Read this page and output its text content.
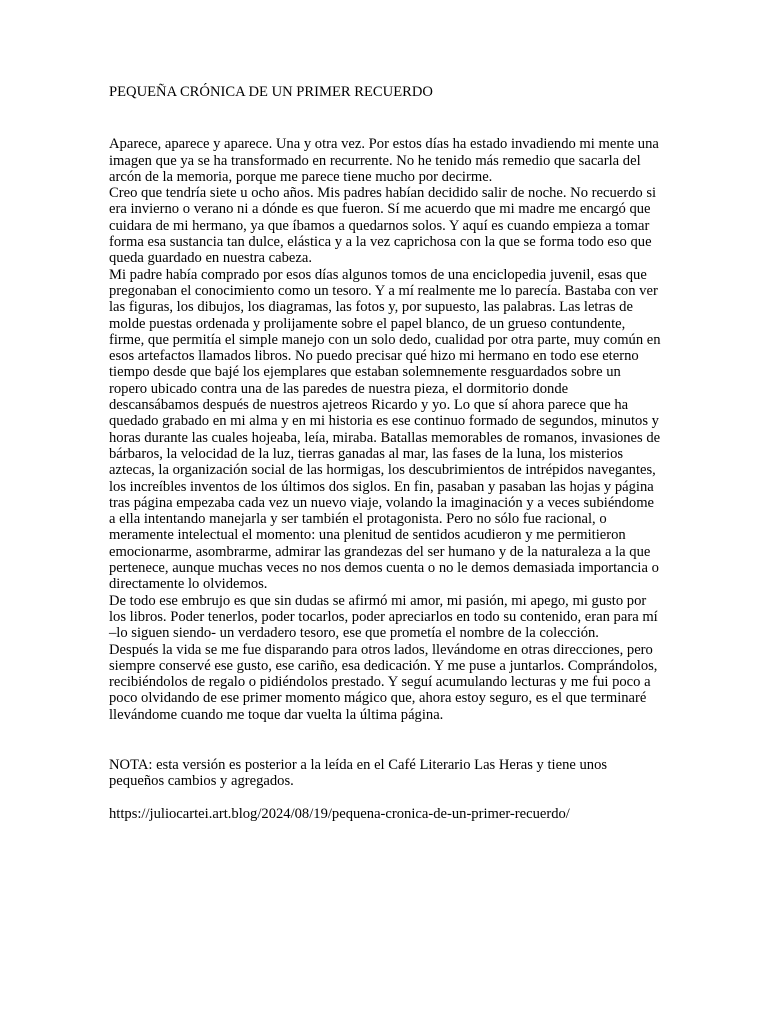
PEQUEÑA CRÓNICA DE UN PRIMER RECUERDO

Aparece, aparece y aparece. Una y otra vez. Por estos días ha estado invadiendo mi mente una imagen que ya se ha transformado en recurrente. No he tenido más remedio que sacarla del arcón de la memoria, porque me parece tiene mucho por decirme.

Creo que tendría siete u ocho años. Mis padres habían decidido salir de noche. No recuerdo si era invierno o verano ni a dónde es que fueron. Sí me acuerdo que mi madre me encargó que cuidara de mi hermano, ya que íbamos a quedarnos solos. Y aquí es cuando empieza a tomar forma esa sustancia tan dulce, elástica y a la vez caprichosa con la que se forma todo eso que queda guardado en nuestra cabeza.

Mi padre había comprado por esos días algunos tomos de una enciclopedia juvenil, esas que pregonaban el conocimiento como un tesoro. Y a mí realmente me lo parecía. Bastaba con ver las figuras, los dibujos, los diagramas, las fotos y, por supuesto, las palabras. Las letras de molde puestas ordenada y prolijamente sobre el papel blanco, de un grueso contundente, firme, que permitía el simple manejo con un solo dedo, cualidad por otra parte, muy común en esos artefactos llamados libros. No puedo precisar qué hizo mi hermano en todo ese eterno tiempo desde que bajé los ejemplares que estaban solemnemente resguardados sobre un ropero ubicado contra una de las paredes de nuestra pieza, el dormitorio donde descansábamos después de nuestros ajetreos Ricardo y yo. Lo que sí ahora parece que ha quedado grabado en mi alma y en mi historia es ese continuo formado de segundos, minutos y horas durante las cuales hojeaba, leía, miraba. Batallas memorables de romanos, invasiones de bárbaros, la velocidad de la luz, tierras ganadas al mar, las fases de la luna, los misterios aztecas, la organización social de las hormigas, los descubrimientos de intrépidos navegantes, los increíbles inventos de los últimos dos siglos. En fin, pasaban y pasaban las hojas y página tras página empezaba cada vez un nuevo viaje, volando la imaginación y a veces subiéndome a ella intentando manejarla y ser también el protagonista. Pero no sólo fue racional, o meramente intelectual el momento: una plenitud de sentidos acudieron y me permitieron emocionarme, asombrarme, admirar las grandezas del ser humano y de la naturaleza a la que pertenece, aunque muchas veces no nos demos cuenta o no le demos demasiada importancia o directamente lo olvidemos.

De todo ese embrujo es que sin dudas se afirmó mi amor, mi pasión, mi apego, mi gusto por los libros. Poder tenerlos, poder tocarlos, poder apreciarlos en todo su contenido, eran para mí –lo siguen siendo- un verdadero tesoro, ese que prometía el nombre de la colección.

Después la vida se me fue disparando para otros lados, llevándome en otras direcciones, pero siempre conservé ese gusto, ese cariño, esa dedicación. Y me puse a juntarlos. Comprándolos, recibiéndolos de regalo o pidiéndolos prestado. Y seguí acumulando lecturas y me fui poco a poco olvidando de ese primer momento mágico que, ahora estoy seguro, es el que terminaré llevándome cuando me toque dar vuelta la última página.

NOTA: esta versión es posterior a la leída en el Café Literario Las Heras y tiene unos pequeños cambios y agregados.

https://juliocartei.art.blog/2024/08/19/pequena-cronica-de-un-primer-recuerdo/
